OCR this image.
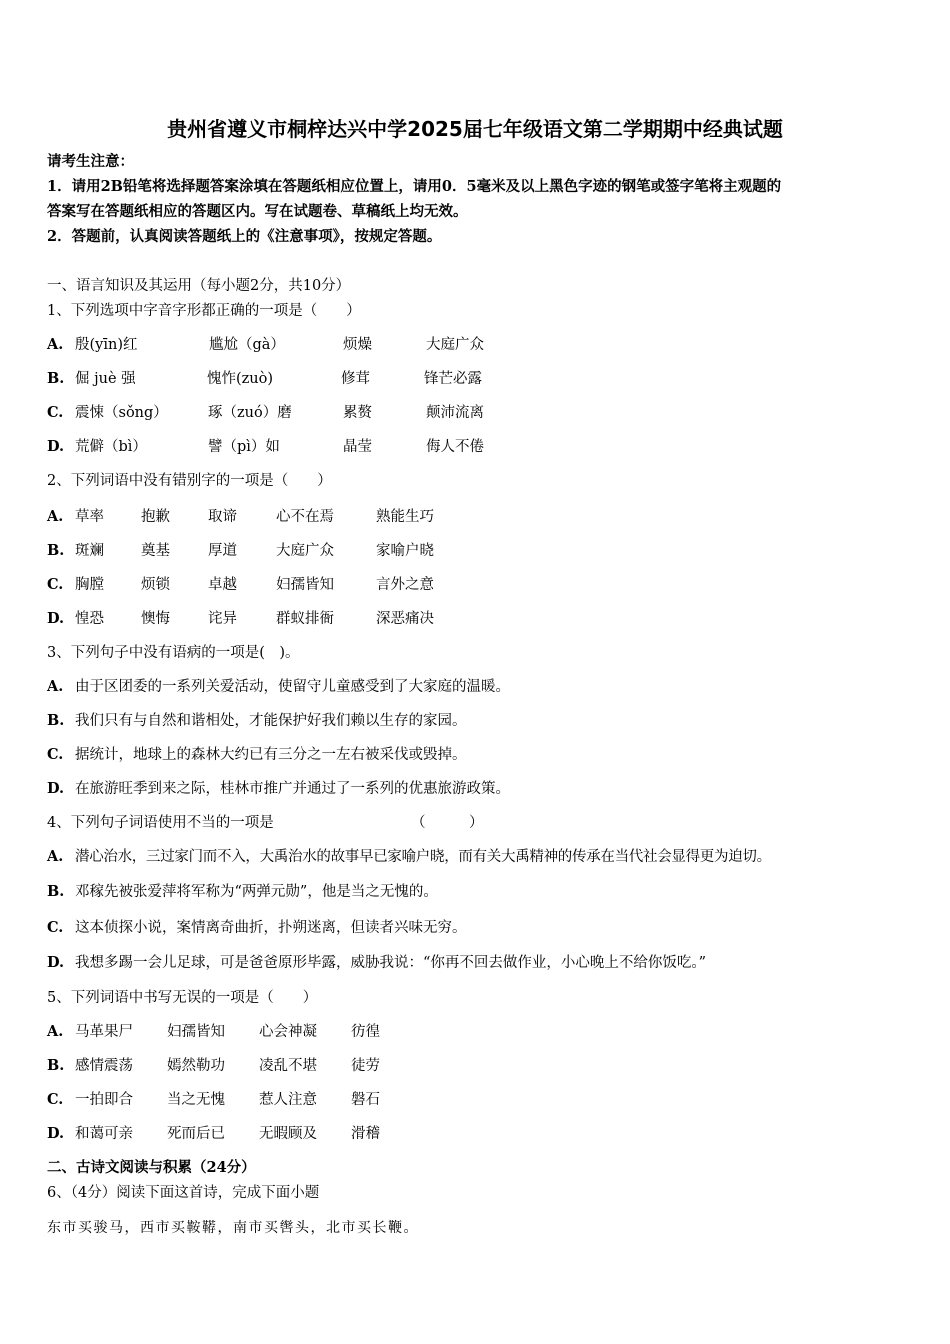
贵州省遵义市桐梓达兴中学2025届七年级语文第二学期期中经典试题
请考生注意：
1．请用2B铅笔将选择题答案涂填在答题纸相应位置上，请用0．5毫米及以上黑色字迹的钢笔或签字笔将主观题的
答案写在答题纸相应的答题区内。写在试题卷、草稿纸上均无效。
2．答题前，认真阅读答题纸上的《注意事项》，按规定答题。
一、语言知识及其运用（每小题2分，共10分）
1、下列选项中字音字形都正确的一项是（　　）
A. 殷(yīn)红	尴尬（gà）	烦燥	大庭广众
B. 倔 juè 强	愧怍(zuò)	修茸	锋芒必露
C. 震悚（sǒng）	琢（zuó）磨	累赘	颠沛流离
D. 荒僻（bì）	譬（pì）如	晶莹	侮人不倦
2、下列词语中没有错别字的一项是（　　）
A. 草率	抱歉	取谛	心不在焉	熟能生巧
B. 斑斓	奠基	厚道	大庭广众	家喻户晓
C. 胸膛	烦锁	卓越	妇孺皆知	言外之意
D. 惶恐	懊悔	诧异	群蚁排衙	深恶痛决
3、下列句子中没有语病的一项是(　)。
A. 由于区团委的一系列关爱活动，使留守儿童感受到了大家庭的温暖。
B. 我们只有与自然和谐相处，才能保护好我们赖以生存的家园。
C. 据统计，地球上的森林大约已有三分之一左右被采伐或毁掉。
D. 在旅游旺季到来之际，桂林市推广并通过了一系列的优惠旅游政策。
4、下列句子词语使用不当的一项是	（　　　）
A. 潜心治水，三过家门而不入，大禹治水的故事早已家喻户晓，而有关大禹精神的传承在当代社会显得更为迫切。
B. 邓稼先被张爱萍将军称为“两弹元勋”，他是当之无愧的。
C. 这本侦探小说，案情离奇曲折，扑朔迷离，但读者兴味无穷。
D. 我想多踢一会儿足球，可是爸爸原形毕露，威胁我说：“你再不回去做作业，小心晚上不给你饭吃。”
5、下列词语中书写无误的一项是（　　）
A. 马革果尸 妇孺皆知 心会神凝 彷徨
B. 感情震荡 嫣然勒功 凌乱不堪 徒劳
C. 一拍即合 当之无愧 惹人注意 磐石
D. 和蔼可亲 死而后已 无暇顾及 滑稽
二、古诗文阅读与积累（24分）
6、（4分）阅读下面这首诗，完成下面小题
东市买骏马，西市买鞍鞯，南市买辔头，北市买长鞭。
